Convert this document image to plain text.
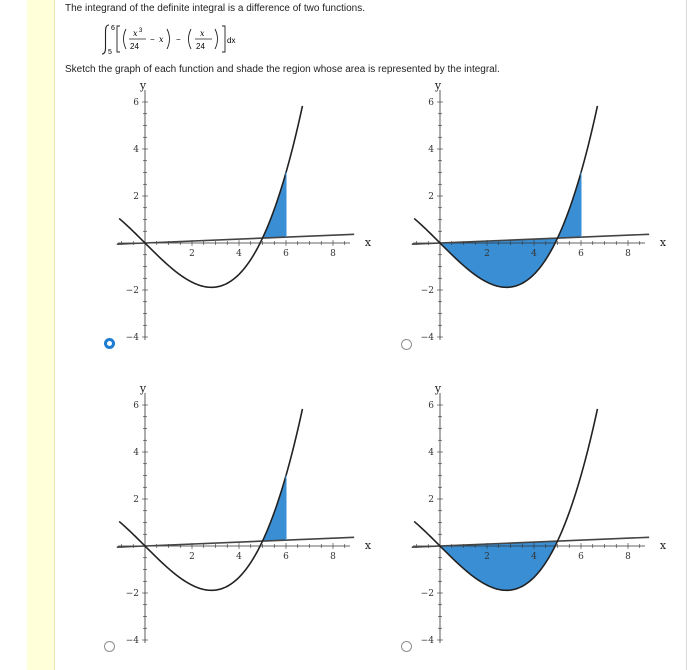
The integrand of the definite integral is a difference of two functions.
6
5
x 3
24
− x −
x
24
dx
Sketch the graph of each function and shade the region whose area is represented by the integral.
6
4
2
−2
−4
2	4	6	8
y
x
6
4
2
−2
−4
2	4	6	8
y
x
6
4
2
−2
−4
2	4	6	8
y
x
6
4
2
−2
−4
2	4	6	8
y
x
